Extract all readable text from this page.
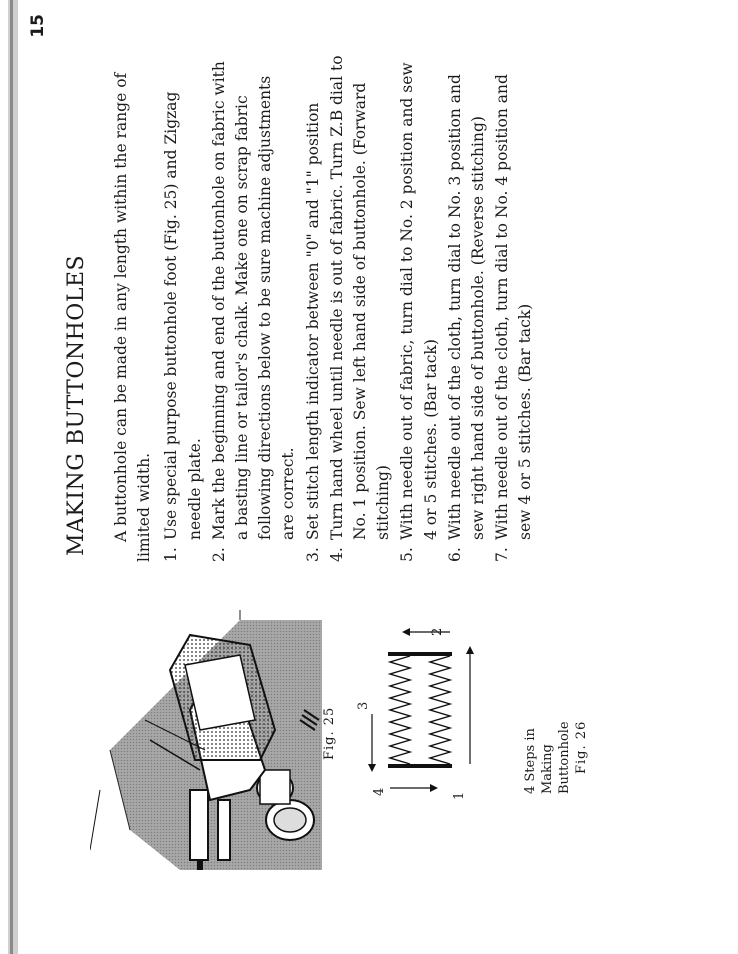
15
MAKING BUTTONHOLES A buttonhole can be made in any length within the range of limited width. 1.
Use special purpose buttonhole foot (Fig. 25) and Zigzag needle plate.
2.
Mark the beginning and end of the buttonhole on fabric with a basting line or tailor's chalk. Make one on scrap fabric following directions below to be sure machine adjustments are correct.
3.
Set stitch length indicator between "0" and "1" position
4.
Turn hand wheel until needle is out of fabric. Turn Z.B dial to No. 1 position. Sew left hand side of buttonhole. (Forward stitching)
5.
With needle out of fabric, turn dial to No. 2 position and sew 4 or 5 stitches. (Bar tack)
6.
With needle out of the cloth, turn dial to No. 3 position and sew right hand side of buttonhole. (Reverse stitching)
7.
With needle out of the cloth, turn dial to No. 4 position and sew 4 or 5 stitches. (Bar tack)
Fig. 25
1
2
3
4	4 Steps in Making Buttonhole Fig. 26
